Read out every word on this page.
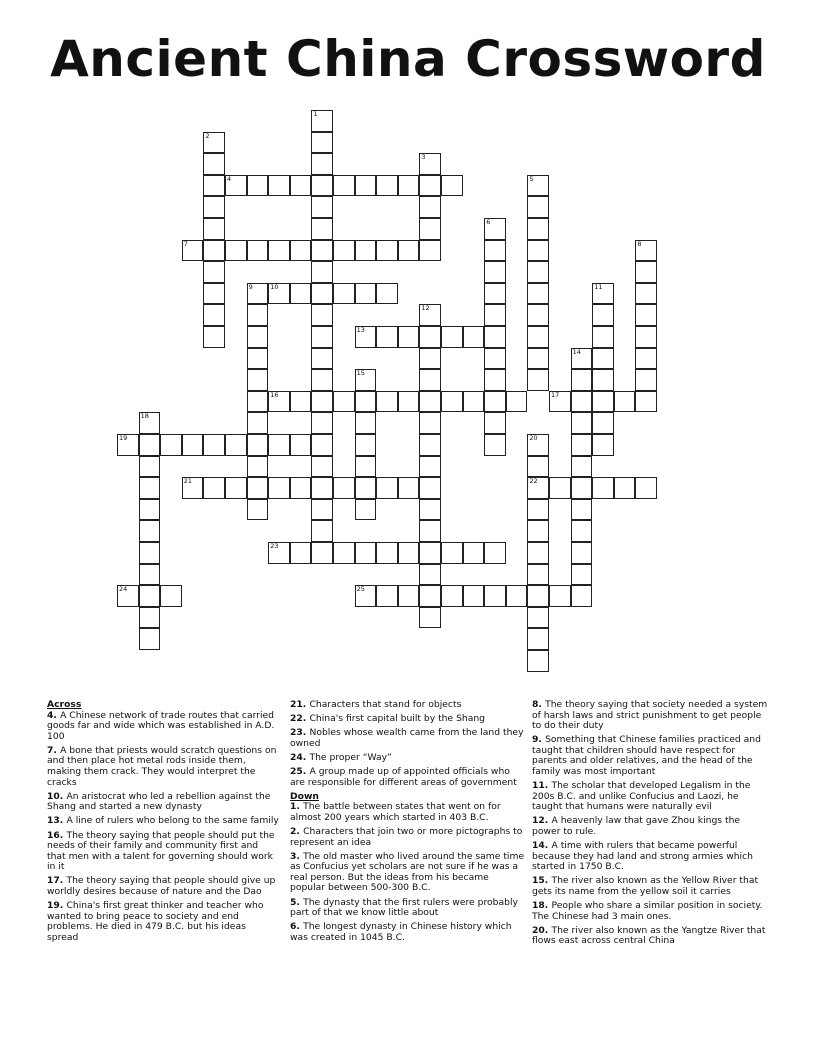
Ancient China Crossword
1
2
3
4	5
6
7	8
9	10	11
12
13
14
15
16	17
18
19	20
22
21
23
24	25

Across

4. A Chinese network of trade routes that carried goods far and wide which was established in A.D. 100

7. A bone that priests would scratch questions on and then place hot metal rods inside them, making them crack. They would interpret the cracks

10. An aristocrat who led a rebellion against the Shang and started a new dynasty

13. A line of rulers who belong to the same family

16. The theory saying that people should put the needs of their family and community first and that men with a talent for governing should work in it

17. The theory saying that people should give up worldly desires because of nature and the Dao

19. China's first great thinker and teacher who wanted to bring peace to society and end problems. He died in 479 B.C. but his ideas spread

21. Characters that stand for objects

22. China's first capital built by the Shang

23. Nobles whose wealth came from the land they owned

24. The proper “Way”

25. A group made up of appointed officials who are responsible for different areas of government

Down

1. The battle between states that went on for almost 200 years which started in 403 B.C.

2. Characters that join two or more pictographs to represent an idea

3. The old master who lived around the same time as Confucius yet scholars are not sure if he was a real person. But the ideas from his became popular between 500-300 B.C.

5. The dynasty that the first rulers were probably part of that we know little about

6. The longest dynasty in Chinese history which was created in 1045 B.C.

8. The theory saying that society needed a system of harsh laws and strict punishment to get people to do their duty

9. Something that Chinese families practiced and taught that children should have respect for parents and older relatives, and the head of the family was most important

11. The scholar that developed Legalism in the 200s B.C. and unlike Confucius and Laozi, he taught that humans were naturally evil

12. A heavenly law that gave Zhou kings the power to rule.

14. A time with rulers that became powerful because they had land and strong armies which started in 1750 B.C.

15. The river also known as the Yellow River that gets its name from the yellow soil it carries

18. People who share a similar position in society. The Chinese had 3 main ones.

20. The river also known as the Yangtze River that flows east across central China
